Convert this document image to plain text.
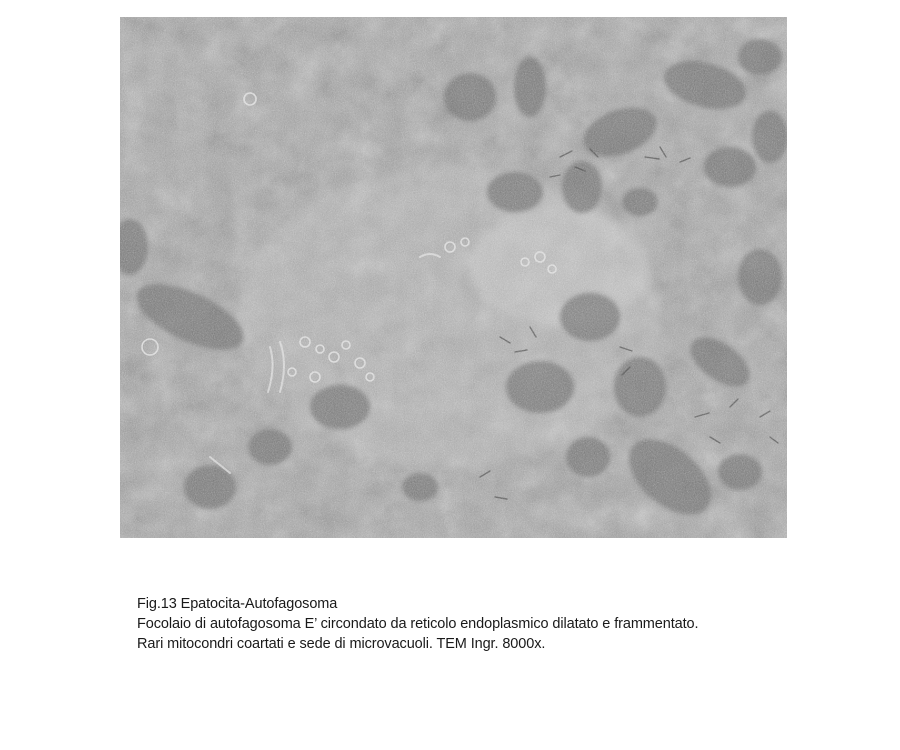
Fig.13 Epatocita-Autofagosoma
Focolaio di autofagosoma E’ circondato da reticolo endoplasmico dilatato e frammentato.
Rari mitocondri coartati e sede di microvacuoli. TEM Ingr. 8000x.
